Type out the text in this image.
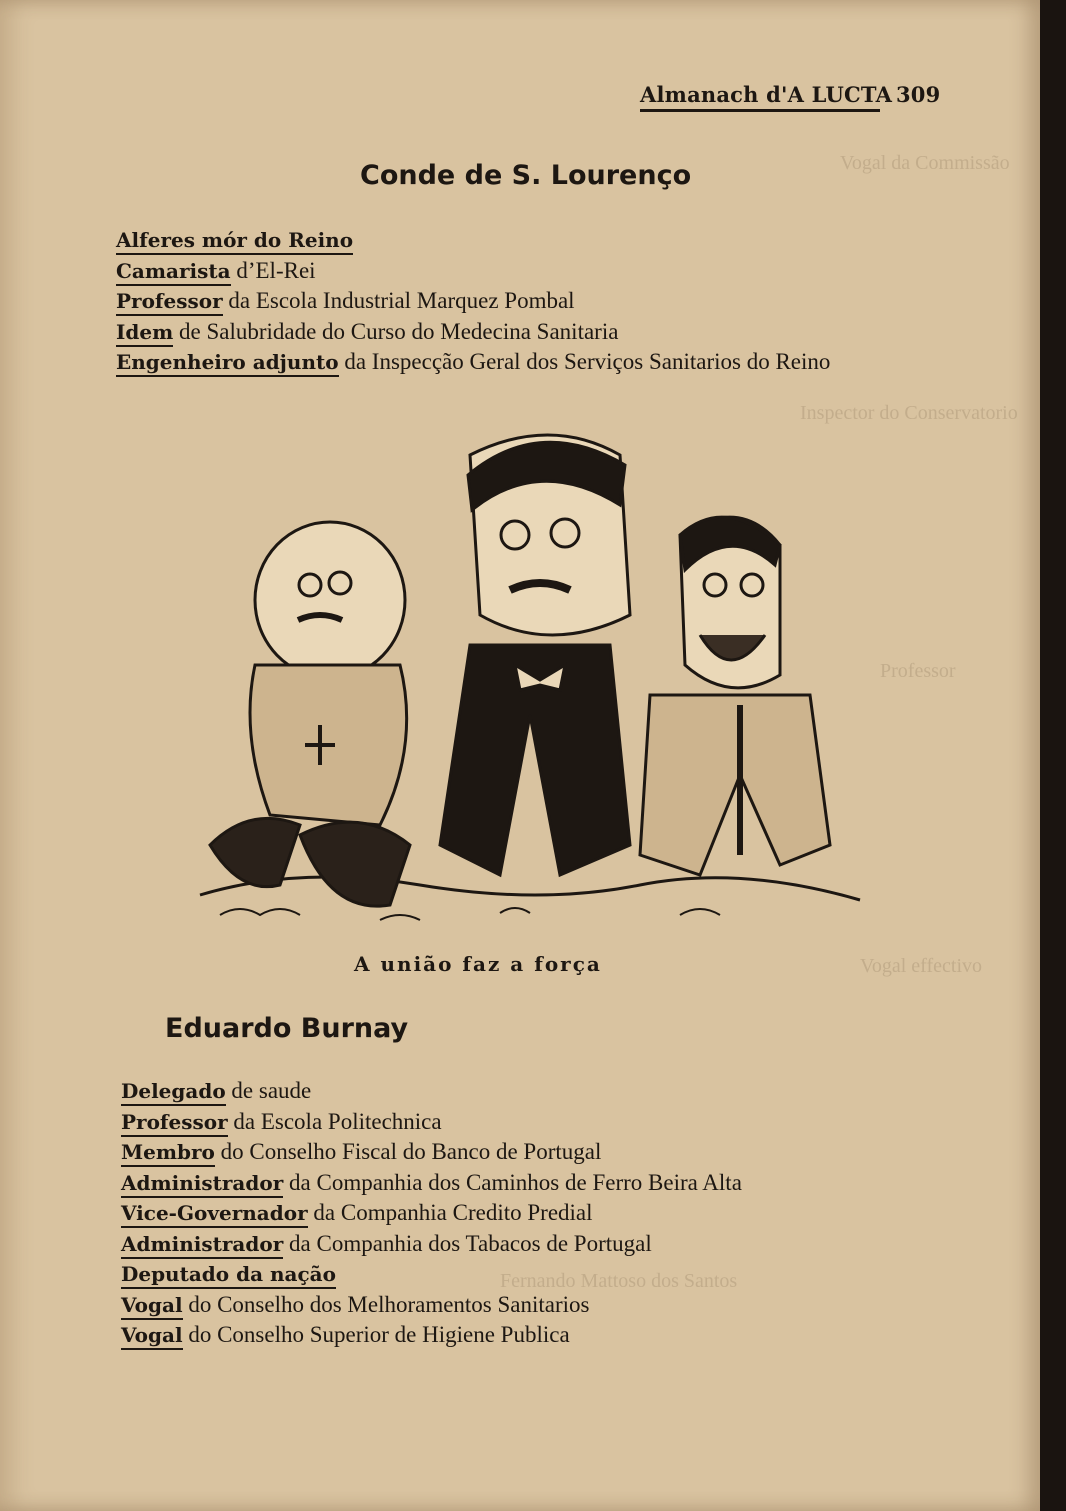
Vogal da Commissão
Inspector do Conservatorio
Professor
Vogal effectivo
Fernando Mattoso dos Santos
Almanach d'A LUCTA 309
Conde de S. Lourenço
Alferes mór do Reino
Camarista d’El-Rei
Professor da Escola Industrial Marquez Pombal
Idem de Salubridade do Curso do Medecina Sanitaria
Engenheiro adjunto da Inspecção Geral dos Serviços Sanitarios do Reino
A união faz a força
Eduardo Burnay
Delegado de saude
Professor da Escola Politechnica
Membro do Conselho Fiscal do Banco de Portugal
Administrador da Companhia dos Caminhos de Ferro Beira Alta
Vice-Governador da Companhia Credito Predial
Administrador da Companhia dos Tabacos de Portugal
Deputado da nação
Vogal do Conselho dos Melhoramentos Sanitarios
Vogal do Conselho Superior de Higiene Publica
